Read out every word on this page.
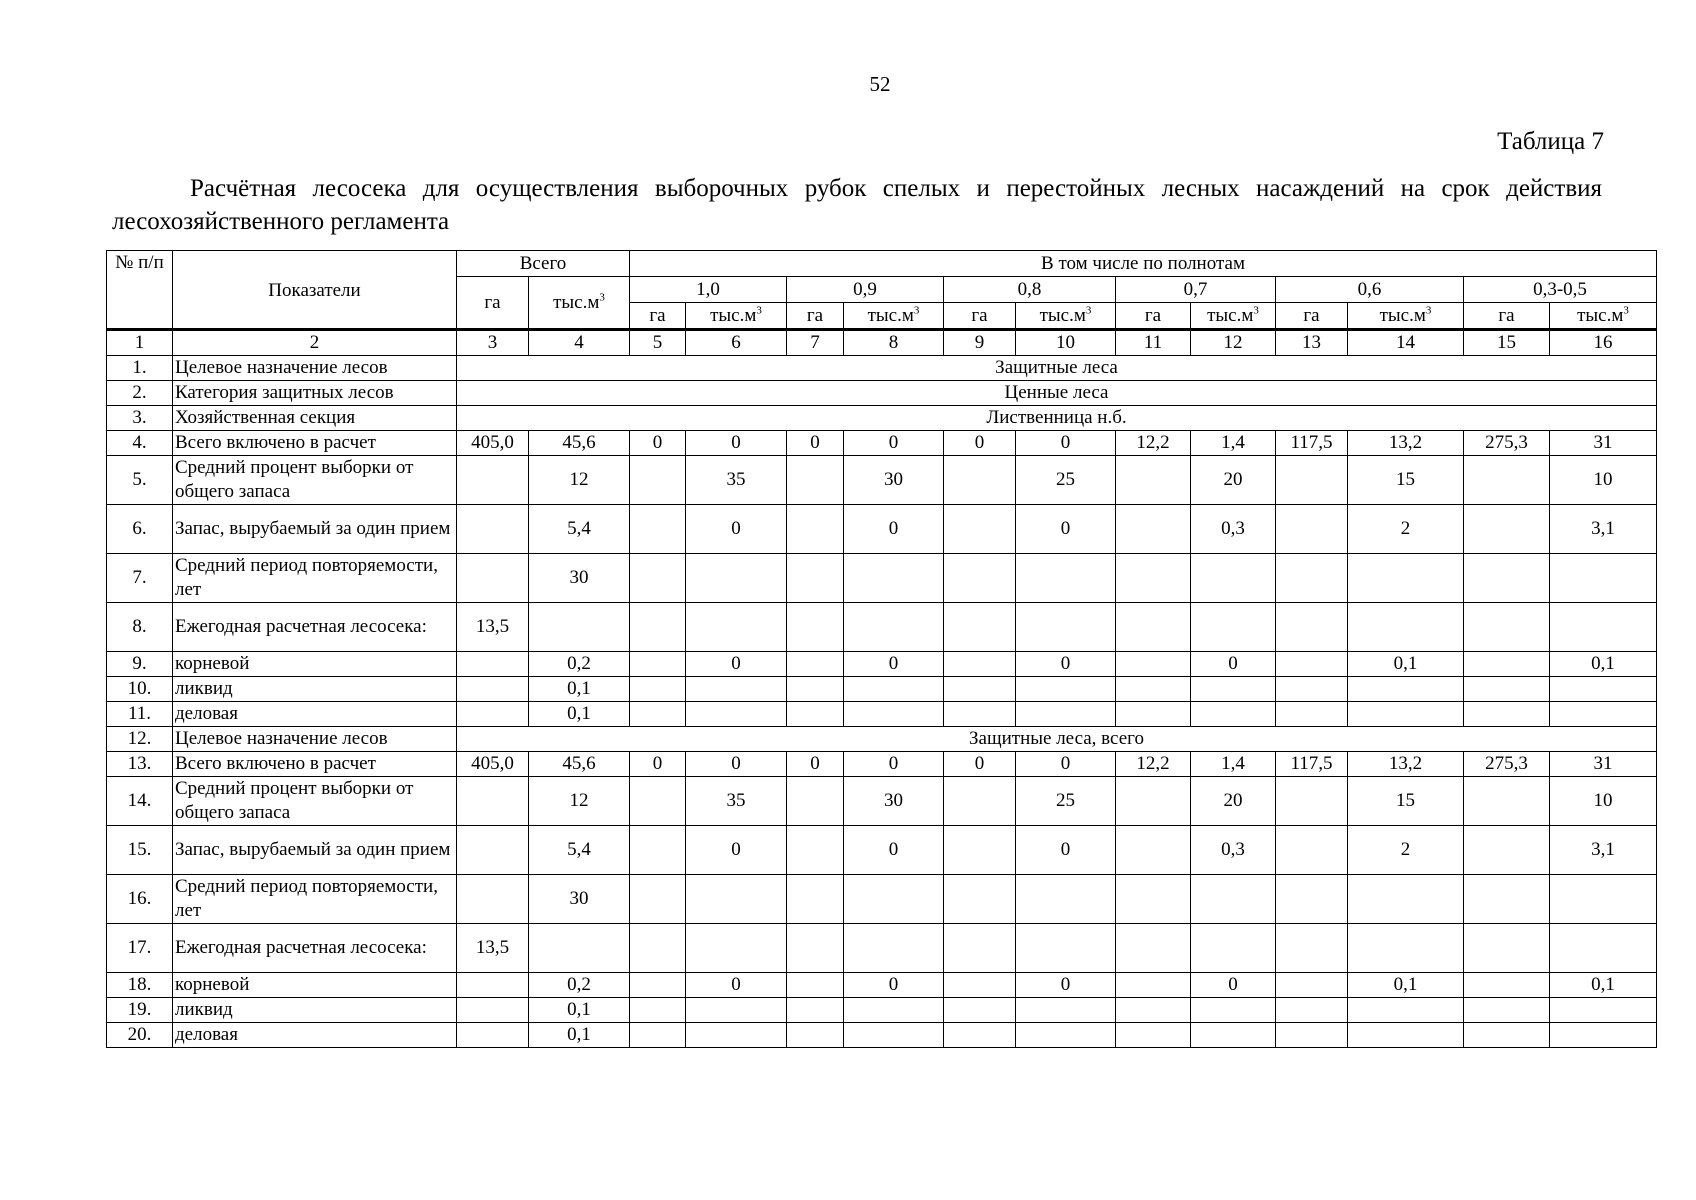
52
Таблица 7
Расчётная лесосека для осуществления выборочных рубок спелых и перестойных лесных насаждений на срок действия лесохозяйственного регламента
№ п/п	Показатели	Всего		В том числе по полнотам											
		га	$тыс.м^3$	1,0		0,9		0,8		0,7		0,6		0,3-0,5	
				га	$тыс.м^3$	га	$тыс.м^3$	га	$тыс.м^3$	га	$тыс.м^3$	га	$тыс.м^3$	га	$тыс.м^3$
1	2	3	4	5	6	7	8	9	10	11	12	13	14	15	16
1.	Целевое назначение лесов	Защитные леса													
2.	Категория защитных лесов	Ценные леса													
3.	Хозяйственная секция	Лиственница н.б.													
4.	Всего включено в расчет	405,0	45,6	0	0	0	0	0	0	12,2	1,4	117,5	13,2	275,3	31
5.	Средний процент выборки от общего запаса		12		35		30		25		20		15		10
6.	Запас, вырубаемый за один прием		5,4		0		0		0		0,3		2		3,1
7.	Средний период повторяемости, лет		30												
8.	Ежегодная расчетная лесосека:	13,5													
9.	корневой		0,2		0		0		0		0		0,1		0,1
10.	ликвид		0,1												
11.	деловая		0,1												
12.	Целевое назначение лесов	Защитные леса, всего													
13.	Всего включено в расчет	405,0	45,6	0	0	0	0	0	0	12,2	1,4	117,5	13,2	275,3	31
14.	Средний процент выборки от общего запаса		12		35		30		25		20		15		10
15.	Запас, вырубаемый за один прием		5,4		0		0		0		0,3		2		3,1
16.	Средний период повторяемости, лет		30												
17.	Ежегодная расчетная лесосека:	13,5													
18.	корневой		0,2		0		0		0		0		0,1		0,1
19.	ликвид		0,1												
20.	деловая		0,1												
